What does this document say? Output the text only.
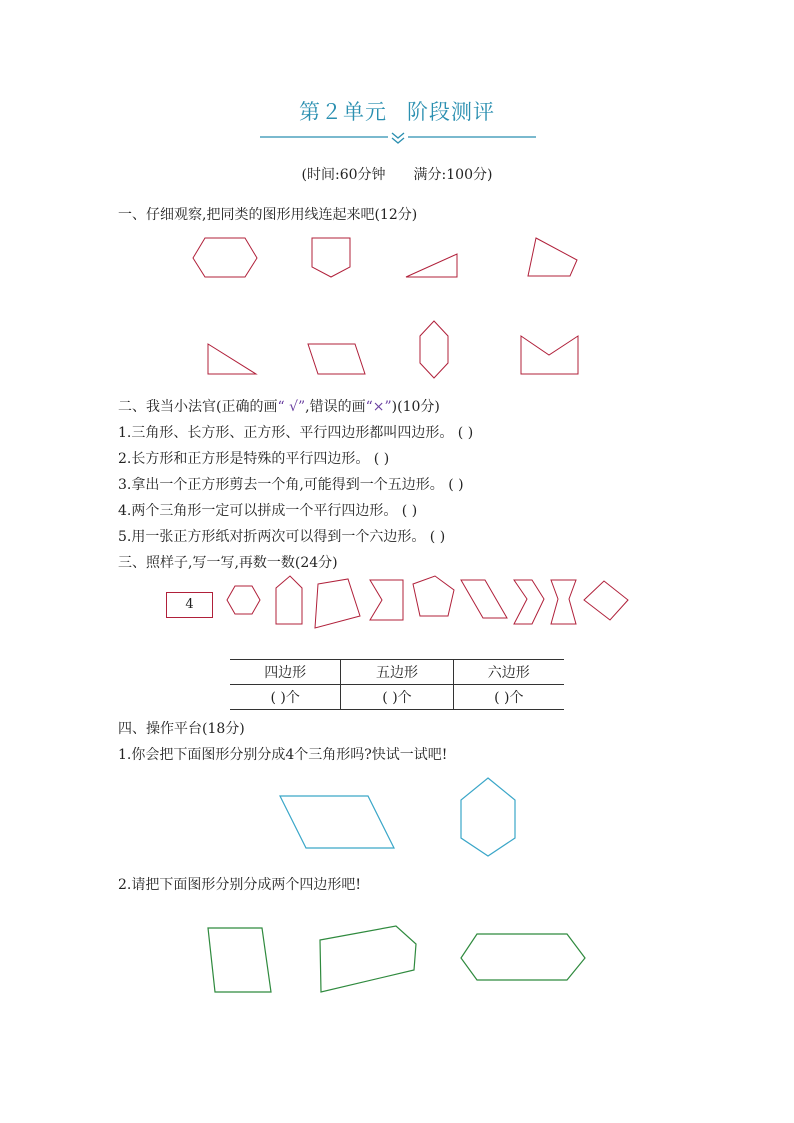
第２单元 阶段测评
(时间:60分钟 满分:100分)
一、仔细观察,把同类的图形用线连起来吧(12分)
二、我当小法官(正确的画“ √”,错误的画“×”)(10分)
1.三角形、长方形、正方形、平行四边形都叫四边形。 ( )
2.长方形和正方形是特殊的平行四边形。 ( )
3.拿出一个正方形剪去一个角,可能得到一个五边形。 ( )
4.两个三角形一定可以拼成一个平行四边形。 ( )
5.用一张正方形纸对折两次可以得到一个六边形。 ( )
三、照样子,写一写,再数一数(24分)
4
四边形	五边形	六边形
( )个	( )个	( )个
四、操作平台(18分)
1.你会把下面图形分别分成4个三角形吗?快试一试吧!
2.请把下面图形分别分成两个四边形吧!
